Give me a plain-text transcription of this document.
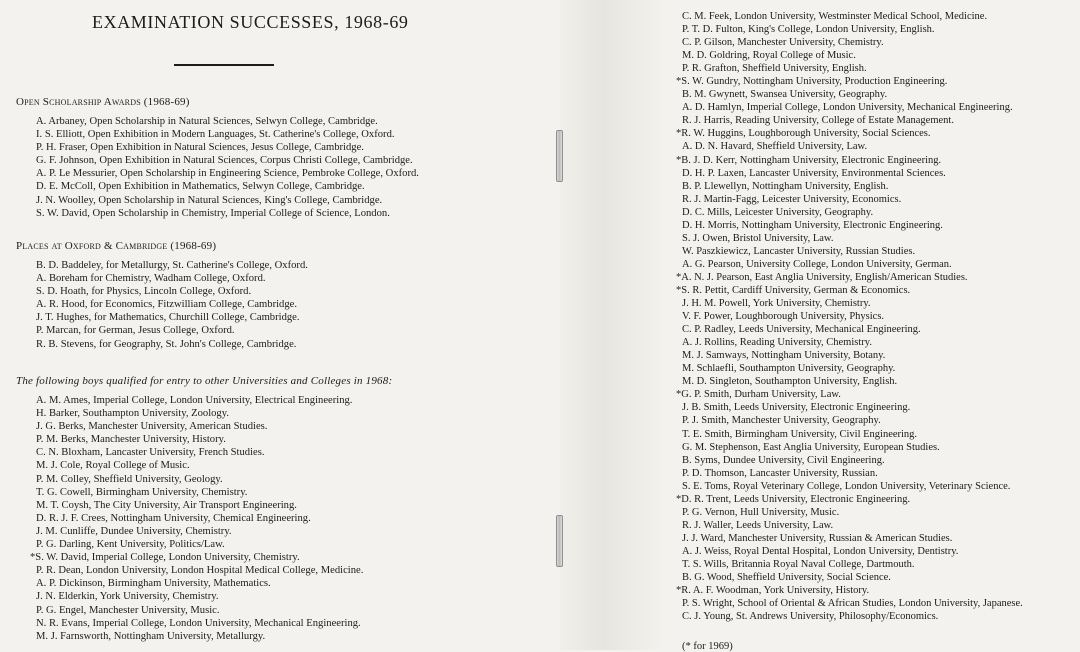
EXAMINATION SUCCESSES, 1968-69
Open Scholarship Awards (1968-69)
A. Arbaney, Open Scholarship in Natural Sciences, Selwyn College, Cambridge.
I. S. Elliott, Open Exhibition in Modern Languages, St. Catherine's College, Oxford.
P. H. Fraser, Open Exhibition in Natural Sciences, Jesus College, Cambridge.
G. F. Johnson, Open Exhibition in Natural Sciences, Corpus Christi College, Cambridge.
A. P. Le Messurier, Open Scholarship in Engineering Science, Pembroke College, Oxford.
D. E. McColl, Open Exhibition in Mathematics, Selwyn College, Cambridge.
J. N. Woolley, Open Scholarship in Natural Sciences, King's College, Cambridge.
S. W. David, Open Scholarship in Chemistry, Imperial College of Science, London.
Places at Oxford & Cambridge (1968-69)
B. D. Baddeley, for Metallurgy, St. Catherine's College, Oxford.
A. Boreham for Chemistry, Wadham College, Oxford.
S. D. Hoath, for Physics, Lincoln College, Oxford.
A. R. Hood, for Economics, Fitzwilliam College, Cambridge.
J. T. Hughes, for Mathematics, Churchill College, Cambridge.
P. Marcan, for German, Jesus College, Oxford.
R. B. Stevens, for Geography, St. John's College, Cambridge.
The following boys qualified for entry to other Universities and Colleges in 1968:
A. M. Ames, Imperial College, London University, Electrical Engineering.
H. Barker, Southampton University, Zoology.
J. G. Berks, Manchester University, American Studies.
P. M. Berks, Manchester University, History.
C. N. Bloxham, Lancaster University, French Studies.
M. J. Cole, Royal College of Music.
P. M. Colley, Sheffield University, Geology.
T. G. Cowell, Birmingham University, Chemistry.
M. T. Coysh, The City University, Air Transport Engineering.
D. R. J. F. Crees, Nottingham University, Chemical Engineering.
J. M. Cunliffe, Dundee University, Chemistry.
P. G. Darling, Kent University, Politics/Law.
*S. W. David, Imperial College, London University, Chemistry.
P. R. Dean, London University, London Hospital Medical College, Medicine.
A. P. Dickinson, Birmingham University, Mathematics.
J. N. Elderkin, York University, Chemistry.
P. G. Engel, Manchester University, Music.
N. R. Evans, Imperial College, London University, Mechanical Engineering.
M. J. Farnsworth, Nottingham University, Metallurgy.
C. M. Feek, London University, Westminster Medical School, Medicine.
P. T. D. Fulton, King's College, London University, English.
C. P. Gilson, Manchester University, Chemistry.
M. D. Goldring, Royal College of Music.
P. R. Grafton, Sheffield University, English.
*S. W. Gundry, Nottingham University, Production Engineering.
B. M. Gwynett, Swansea University, Geography.
A. D. Hamlyn, Imperial College, London University, Mechanical Engineering.
R. J. Harris, Reading University, College of Estate Management.
*R. W. Huggins, Loughborough University, Social Sciences.
A. D. N. Havard, Sheffield University, Law.
*B. J. D. Kerr, Nottingham University, Electronic Engineering.
D. H. P. Laxen, Lancaster University, Environmental Sciences.
B. P. Llewellyn, Nottingham University, English.
R. J. Martin-Fagg, Leicester University, Economics.
D. C. Mills, Leicester University, Geography.
D. H. Morris, Nottingham University, Electronic Engineering.
S. J. Owen, Bristol University, Law.
W. Paszkiewicz, Lancaster University, Russian Studies.
A. G. Pearson, University College, London University, German.
*A. N. J. Pearson, East Anglia University, English/American Studies.
*S. R. Pettit, Cardiff University, German & Economics.
J. H. M. Powell, York University, Chemistry.
V. F. Power, Loughborough University, Physics.
C. P. Radley, Leeds University, Mechanical Engineering.
A. J. Rollins, Reading University, Chemistry.
M. J. Samways, Nottingham University, Botany.
M. Schlaefli, Southampton University, Geography.
M. D. Singleton, Southampton University, English.
*G. P. Smith, Durham University, Law.
J. B. Smith, Leeds University, Electronic Engineering.
P. J. Smith, Manchester University, Geography.
T. E. Smith, Birmingham University, Civil Engineering.
G. M. Stephenson, East Anglia University, European Studies.
B. Syms, Dundee University, Civil Engineering.
P. D. Thomson, Lancaster University, Russian.
S. E. Toms, Royal Veterinary College, London University, Veterinary Science.
*D. R. Trent, Leeds University, Electronic Engineering.
P. G. Vernon, Hull University, Music.
R. J. Waller, Leeds University, Law.
J. J. Ward, Manchester University, Russian & American Studies.
A. J. Weiss, Royal Dental Hospital, London University, Dentistry.
T. S. Wills, Britannia Royal Naval College, Dartmouth.
B. G. Wood, Sheffield University, Social Science.
*R. A. F. Woodman, York University, History.
P. S. Wright, School of Oriental & African Studies, London University, Japanese.
C. J. Young, St. Andrews University, Philosophy/Economics.
(* for 1969)
